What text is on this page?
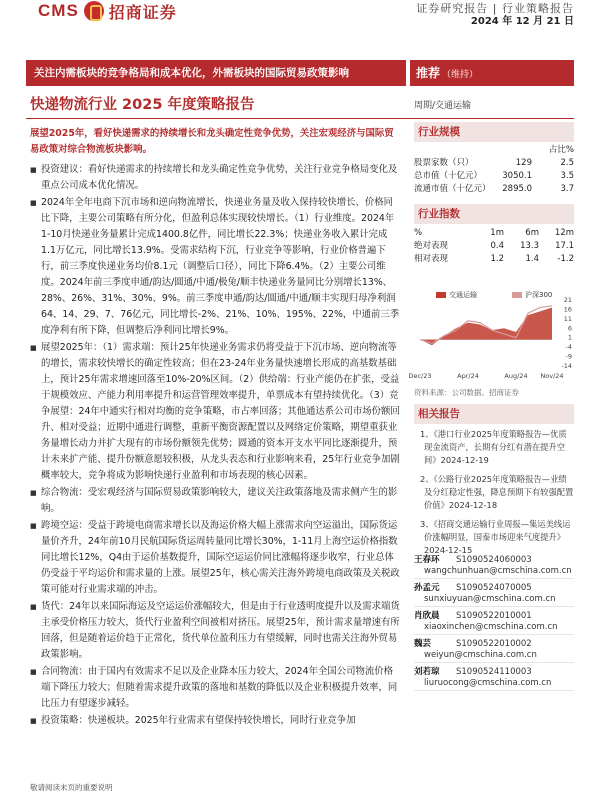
CMS 招商证券	证券研究报告 | 行业策略报告
2024 年 12 月 21 日
关注内需板块的竞争格局和成本优化，外需板块的国际贸易政策影响	推荐 （维持）
快递物流行业 2025 年度策略报告	周期/交通运输
展望2025年，看好快递需求的持续增长和龙头确定性竞争优势，关注宏观经济与国际贸易政策对综合物流板块影响。
■ 投资建议：看好快递需求的持续增长和龙头确定性竞争优势，关注行业竞争格局变化及重点公司成本优化情况。
■ 2024年全年电商下沉市场和逆向物流增长，快递业务量及收入保持较快增长、价格同比下降，主要公司策略有所分化，但盈利总体实现较快增长。（1）行业维度。2024年1-10月快递业务量累计完成1400.8亿件，同比增长22.3%；快递业务收入累计完成1.1万亿元，同比增长13.9%。受需求结构下沉，行业竞争等影响，行业价格普遍下行，前三季度快递业务均价8.1元（调整后口径），同比下降6.4%。（2）主要公司维度。2024年前三季度申通/韵达/圆通/中通/极兔/顺丰快递业务量同比分别增长13%、28%、26%、31%、30%、9%。前三季度申通/韵达/圆通/中通/顺丰实现归母净利润64、14、29、7、76亿元，同比增长-2%、21%、10%、195%、22%，中通前三季度净利有所下降，但调整后净利同比增长9%。
■ 展望2025年：（1）需求端：预计25年快递业务需求仍将受益于下沉市场、逆向物流等的增长，需求较快增长的确定性较高；但在23-24年业务量快速增长形成的高基数基础上，预计25年需求增速回落至10%-20%区间。（2）供给端：行业产能仍在扩张，受益于规模效应、产能力利用率提升和运营管理效率提升，单票成本有望持续优化。（3）竞争展望：24年中通实行相对均衡的竞争策略，市占率回落；其他通达系公司市场份额回升、相对受益；近期中通进行调整，重新平衡资源配置以及网络定价策略，期望重获业务量增长动力并扩大现有的市场份额领先优势；圆通的资本开支水平同比逐渐提升，预计未来扩产能、提升份额意愿较积极，从龙头表态和行业影响来看，25年行业竞争加剧概率较大，竞争将成为影响快递行业盈利和市场表现的核心因素。
■ 综合物流：受宏观经济与国际贸易政策影响较大，建议关注政策落地及需求侧产生的影响。
■ 跨境空运：受益于跨境电商需求增长以及海运价格大幅上涨需求向空运溢出，国际货运量价齐升，24年前10月民航国际货运周转量同比增长30%，1-11月上海空运价格指数同比增长12%，Q4由于运价基数提升，国际空运运价同比涨幅将逐步收窄，行业总体仍受益于平均运价和需求量的上涨。展望25年，核心需关注海外跨境电商政策及关税政策可能对行业需求端的冲击。
■ 货代：24年以来国际海运及空运运价涨幅较大，但是由于行业透明度提升以及需求端货主承受价格压力较大，货代行业盈利空间被相对挤压。展望25年，预计需求量增速有所回落，但是随着运价趋于正常化，货代单位盈利压力有望缓解，同时也需关注海外贸易政策影响。
■ 合同物流：由于国内有效需求不足以及企业降本压力较大，2024年全国公司物流价格端下降压力较大；但随着需求提升政策的落地和基数的降低以及企业积极提升效率，同比压力有望逐步减轻。
■ 投资策略：快递板块。2025年行业需求有望保持较快增长，同时行业竞争加
行业规模
占比%
股票家数（只）	129	2.5
总市值（十亿元）	3050.1	3.5
流通市值（十亿元）	2895.0	3.7
行业指数
%	1m	6m	12m
绝对表现	0.4	13.3	17.1
相对表现	1.2	1.4	-1.2
交通运输	沪深300
21
16
11
6
1
-4
-9
-14
Dec/23	Apr/24	Aug/24 Nov/24
资料来源：公司数据、招商证券
相关报告
1、《港口行业2025年度策略报告—优质现金流资产，长期有分红有潜在提升空间》2024-12-19
2、《公路行业2025年度策略报告—业绩及分红稳定性强，降息预期下有较强配置价值》2024-12-18
3、《招商交通运输行业周报—集运美线运价涨幅明显，国泰市场迎来气度提升》2024-12-15
王春环	S1090524060003
wangchunhuan@cmschina.com.cn
孙孟元	S1090524070005
sunxiuyuan@cmschina.com.cn
肖欣晨	S1090522010001
xiaoxinchen@cmschina.com.cn
魏芸	S1090522010002
weiyun@cmschina.com.cn
刘若琼	S1090524110003
liuruocong@cmschina.com.cn
敬请阅读末页的重要说明
